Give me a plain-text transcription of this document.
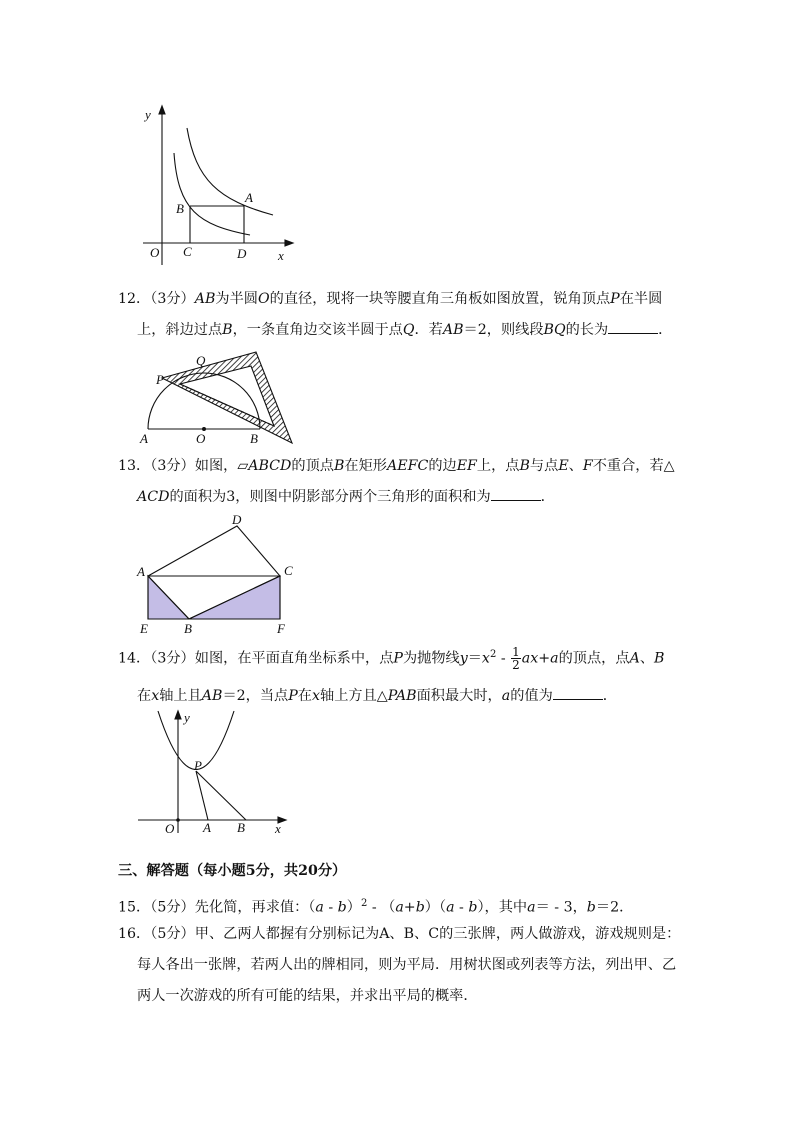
y
x
O
A
B
C	D
12．（3分）AB为半圆O的直径，现将一块等腰直角三角板如图放置，锐角顶点P在半圆
上，斜边过点B，一条直角边交该半圆于点Q．若AB＝2，则线段BQ的长为	．
P
Q
A	O	B
13．（3分）如图，▱ABCD的顶点B在矩形AEFC的边EF上，点B与点E、F不重合，若△
ACD的面积为3，则图中阴影部分两个三角形的面积和为	．
D
A	C
E	B	F
14．（3分）如图，在平面直角坐标系中，点P为抛物线$y=x^2 - \frac{1}{2} ax+a$的顶点，点A、B
在x轴上且AB＝2，当点P在x轴上方且△PAB面积最大时，a的值为	．
y
x
O
P
A B
三、解答题（每小题5分，共20分）
15．（5分）先化简，再求值：（a - b）$^2$ - （a+b）（a - b），其中a＝ - 3，b＝2．
16．（5分）甲、乙两人都握有分别标记为A、B、C的三张牌，两人做游戏，游戏规则是：
每人各出一张牌，若两人出的牌相同，则为平局．用树状图或列表等方法，列出甲、乙
两人一次游戏的所有可能的结果，并求出平局的概率．
